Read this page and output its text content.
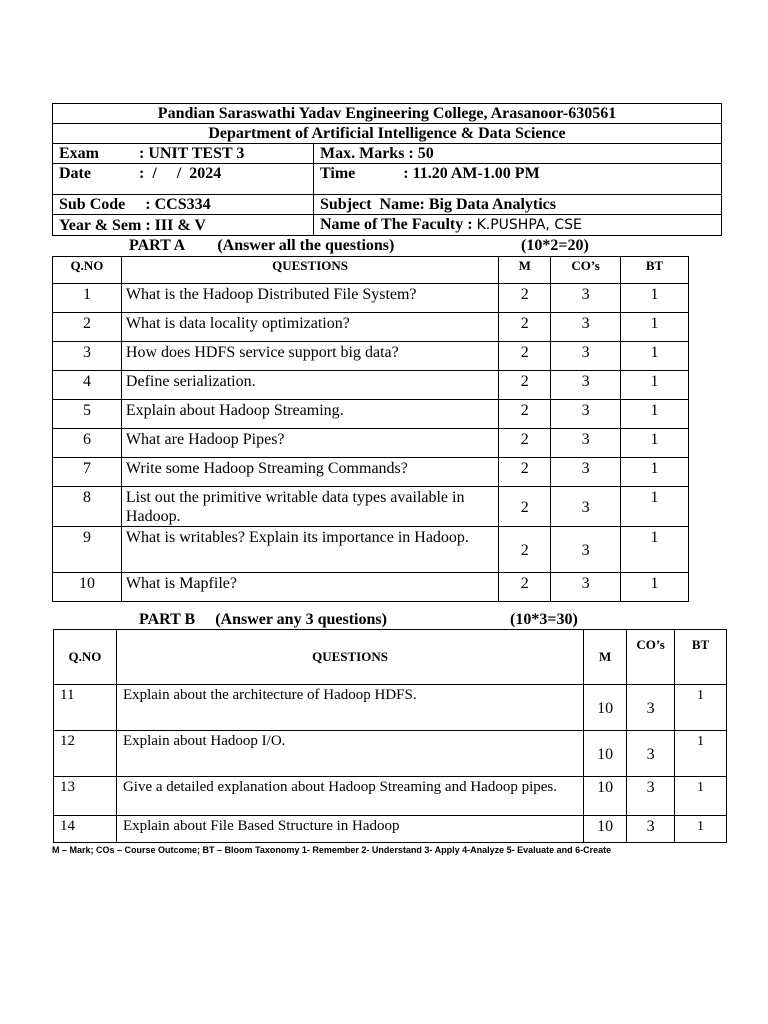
Pandian Saraswathi Yadav Engineering College, Arasanoor-630561	
Department of Artificial Intelligence & Data Science	
Exam          : UNIT TEST 3	Max. Marks : 50
Date            :  /     /  2024	Time            : 11.20 AM-1.00 PM
Sub Code     : CCS334	Subject  Name: Big Data Analytics
Year & Sem : III & V	Name of The Faculty : K.PUSHPA, CSE
PART A (Answer all the questions)	(10*2=20)
Q.NO	QUESTIONS	M	CO’s	BT
1	What is the Hadoop Distributed File System?	2	3	1
2	What is data locality optimization?	2	3	1
3	How does HDFS service support big data?	2	3	1
4	Define serialization.	2	3	1
5	Explain about Hadoop Streaming.	2	3	1
6	What are Hadoop Pipes?	2	3	1
7	Write some Hadoop Streaming Commands?	2	3	1
8	List out the primitive writable data types available in Hadoop.	2	3	1
9	What is writables? Explain its importance in Hadoop.	2	3	1
10	What is Mapfile?	2	3	1
PART B (Answer any 3 questions)	(10*3=30)
Q.NO	QUESTIONS	M	CO’s	BT
11	Explain about the architecture of Hadoop HDFS.	10	3	1
12	Explain about Hadoop I/O.	10	3	1
13	Give a detailed explanation about Hadoop Streaming and Hadoop pipes.	10	3	1
14	Explain about File Based Structure in Hadoop	10	3	1
M – Mark; COs – Course Outcome; BT – Bloom Taxonomy 1- Remember 2- Understand 3- Apply 4-Analyze 5- Evaluate and 6-Create
